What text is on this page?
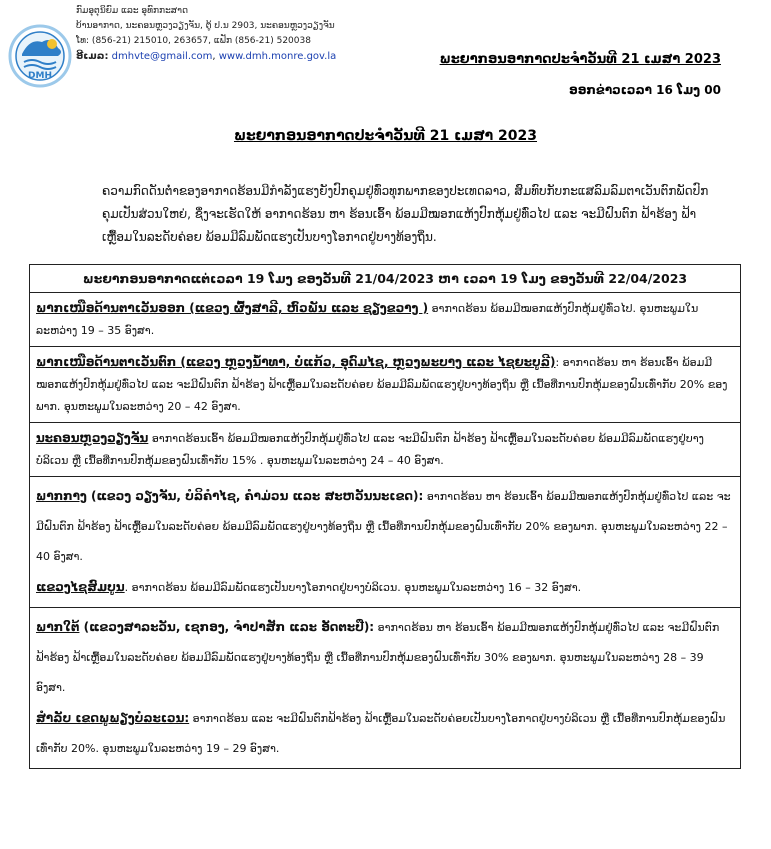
DMH
ກົມອຸຕຸນິຍົມ ແລະ ອຸທົກກະສາດ
ບ້ານອາກາດ, ນະຄອນຫຼວງວຽງຈັນ, ຕູ້ ປ.ນ 2903, ນະຄອນຫຼວງວຽງຈັນ
ໂທ: (856-21) 215010, 263657, ແຟັກ (856-21) 520038
ອີເມລ: dmhvte@gmail.com, www.dmh.monre.gov.la	ພະຍາກອນອາກາດປະຈຳວັນທີ 21 ເມສາ 2023
ອອກຂ່າວເວລາ 16 ໂມງ 00
ພະຍາກອນອາກາດປະຈຳວັນທີ 21 ເມສາ 2023
ຄວາມກົດດັນຕ່ຳຂອງອາກາດຮ້ອນມີກຳລັງແຮງຍັງປົກຄຸມຢູ່ທົ່ວທຸກພາກຂອງປະເທດລາວ, ສົມທົບກັບກະແສລົມລົມຕາເວັນຕົກພັດປົກຄຸມເປັນສ່ວນໃຫຍ່, ຊຶ່ງຈະເຮັດໃຫ້ ອາກາດຮ້ອນ ຫາ ຮ້ອນເອົ້າ ພ້ອມມີໝອກແຫ້ງປົກຫຸ້ມຢູ່ທົ່ວໄປ ແລະ ຈະມີຝົນຕົກ ຟ້າຮ້ອງ ຟ້າເຫຼື້ອມໃນລະດັບຄ່ອຍ ພ້ອມມີລົມພັດແຮງເປັນບາງໂອກາດຢູ່ບາງທ້ອງຖິ່ນ.
ພະຍາກອນອາກາດແຕ່ເວລາ 19 ໂມງ ຂອງວັນທີ 21/04/2023 ຫາ ເວລາ 19 ໂມງ ຂອງວັນທີ 22/04/2023

ພາກເໜືອດ້ານຕາເວັນອອກ (ແຂວງ ຜົ້ງສາລີ, ຫົວພັນ ແລະ ຊຽງຂວາງ ) ອາກາດຮ້ອນ ພ້ອມມີໝອກແຫ້ງປົກຫຸ້ມຢູ່ທົ່ວໄປ. ອຸນຫະພູມໃນລະຫວ່າງ 19 – 35 ອົງສາ.

ພາກເໜືອດ້ານຕາເວັນຕົກ (ແຂວງ ຫຼວງນ້ຳທາ, ບໍ່ແກ້ວ, ອຸດົມໄຊ, ຫຼວງພະບາງ ແລະ ໄຊຍະບູລີ): ອາກາດຮ້ອນ ຫາ ຮ້ອນເອົ້າ ພ້ອມມີໝອກແຫ້ງປົກຫຸ້ມຢູ່ທົ່ວໄປ ແລະ ຈະມີຝົນຕົກ ຟ້າຮ້ອງ ຟ້າເຫຼື້ອມໃນລະດັບຄ່ອຍ ພ້ອມມີລົມພັດແຮງຢູ່ບາງທ້ອງຖິ່ນ ຫຼື ເນື້ອທີ່ການປົກຫຸ້ມຂອງຝົນເທົ່າກັບ 20% ຂອງພາກ. ອຸນຫະພູມໃນລະຫວ່າງ 20 – 42 ອົງສາ.

ນະຄອນຫຼວງວຽງຈັນ ອາກາດຮ້ອນເອົ້າ ພ້ອມມີໝອກແຫ້ງປົກຫຸ້ມຢູ່ທົ່ວໄປ ແລະ ຈະມີຝົນຕົກ ຟ້າຮ້ອງ ຟ້າເຫຼື້ອມໃນລະດັບຄ່ອຍ ພ້ອມມີລົມພັດແຮງຢູ່ບາງບໍລິເວນ ຫຼື ເນື້ອທີ່ການປົກຫຸ້ມຂອງຝົນເທົ່າກັບ 15% . ອຸນຫະພູມໃນລະຫວ່າງ 24 – 40 ອົງສາ.

ພາກກາງ (ແຂວງ ວຽງຈັນ, ບໍລິຄຳໄຊ, ຄຳມ່ວນ ແລະ ສະຫວັນນະເຂດ): ອາກາດຮ້ອນ ຫາ ຮ້ອນເອົ້າ ພ້ອມມີໝອກແຫ້ງປົກຫຸ້ມຢູ່ທົ່ວໄປ ແລະ ຈະມີຝົນຕົກ ຟ້າຮ້ອງ ຟ້າເຫຼື້ອມໃນລະດັບຄ່ອຍ ພ້ອມມີລົມພັດແຮງຢູ່ບາງທ້ອງຖິ່ນ ຫຼື ເນື້ອທີ່ການປົກຫຸ້ມຂອງຝົນເທົ່າກັບ 20% ຂອງພາກ. ອຸນຫະພູມໃນລະຫວ່າງ 22 – 40 ອົງສາ.

ແຂວງໄຊສົມບູນ. ອາກາດຮ້ອນ ພ້ອມມີລົມພັດແຮງເປັນບາງໂອກາດຢູ່ບາງບໍລິເວນ. ອຸນຫະພູມໃນລະຫວ່າງ 16 – 32 ອົງສາ.

ພາກໃຕ້ (ແຂວງສາລະວັນ, ເຊກອງ, ຈຳປາສັກ ແລະ ອັດຕະປື): ອາກາດຮ້ອນ ຫາ ຮ້ອນເອົ້າ ພ້ອມມີໝອກແຫ້ງປົກຫຸ້ມຢູ່ທົ່ວໄປ ແລະ ຈະມີຝົນຕົກ ຟ້າຮ້ອງ ຟ້າເຫຼື້ອມໃນລະດັບຄ່ອຍ ພ້ອມມີລົມພັດແຮງຢູ່ບາງທ້ອງຖິ່ນ ຫຼື ເນື້ອທີ່ການປົກຫຸ້ມຂອງຝົນເທົ່າກັບ 30% ຂອງພາກ. ອຸນຫະພູມໃນລະຫວ່າງ 28 – 39 ອົງສາ.

ສຳລັບ ເຂດພູພຽງບໍລະເວນ: ອາກາດຮ້ອນ ແລະ ຈະມີຝົນຕົກຟ້າຮ້ອງ ຟ້າເຫຼື້ອມໃນລະດັບຄ່ອຍເປັນບາງໂອກາດຢູ່ບາງບໍລິເວນ ຫຼື ເນື້ອທີ່ການປົກຫຸ້ມຂອງຝົນເທົ່າກັບ 20%. ອຸນຫະພູມໃນລະຫວ່າງ 19 – 29 ອົງສາ.
